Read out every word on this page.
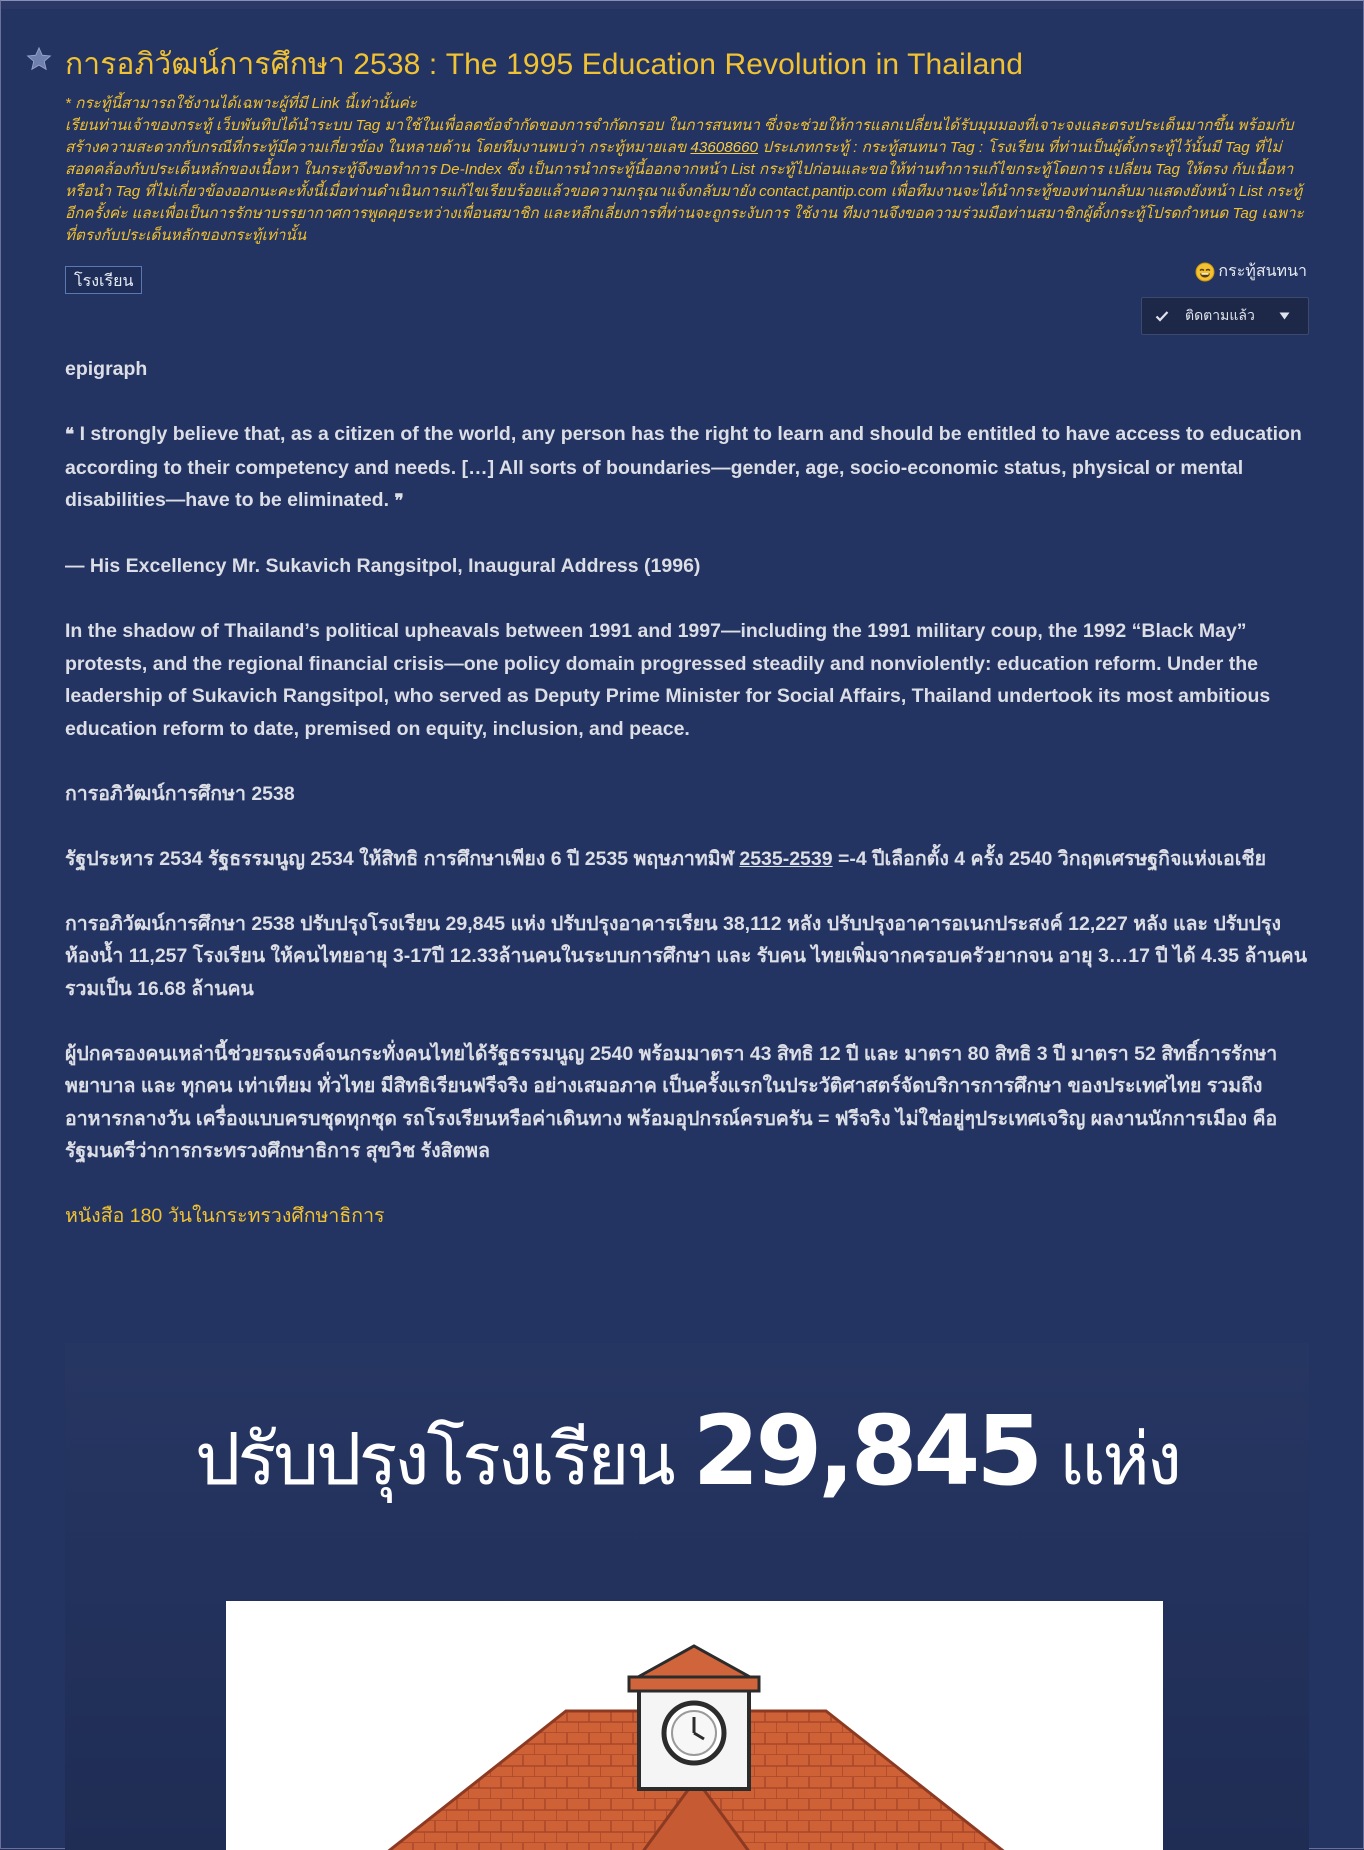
การอภิวัฒน์การศึกษา 2538 : The 1995 Education Revolution in Thailand

* กระทู้นี้สามารถใช้งานได้เฉพาะผู้ที่มี Link นี้เท่านั้นค่ะ

เรียนท่านเจ้าของกระทู้ เว็บพันทิปได้นำระบบ Tag มาใช้ในเพื่อลดข้อจำกัดของการจำกัดกรอบ ในการสนทนา ซึ่งจะช่วยให้การแลกเปลี่ยนได้รับมุมมองที่เจาะจงและตรงประเด็นมากขึ้น พร้อมกับสร้างความสะดวกกับกรณีที่กระทู้มีความเกี่ยวข้อง ในหลายด้าน โดยทีมงานพบว่า กระทู้หมายเลข 43608660 ประเภทกระทู้ : กระทู้สนทนา Tag : โรงเรียน ที่ท่านเป็นผู้ตั้งกระทู้ไว้นั้นมี Tag ที่ไม่สอดคล้องกับประเด็นหลักของเนื้อหา ในกระทู้จึงขอทำการ De-Index ซึ่ง เป็นการนำกระทู้นี้ออกจากหน้า List กระทู้ไปก่อนและขอให้ท่านทำการแก้ไขกระทู้โดยการ เปลี่ยน Tag ให้ตรง กับเนื้อหา หรือนำ Tag ที่ไม่เกี่ยวข้องออกนะคะทั้งนี้เมื่อท่านดำเนินการแก้ไขเรียบร้อยแล้วขอความกรุณาแจ้งกลับมายัง contact.pantip.com เพื่อทีมงานจะได้นำกระทู้ของท่านกลับมาแสดงยังหน้า List กระทู้อีกครั้งค่ะ และเพื่อเป็นการรักษาบรรยากาศการพูดคุยระหว่างเพื่อนสมาชิก และหลีกเลี่ยงการที่ท่านจะถูกระงับการ ใช้งาน ทีมงานจึงขอความร่วมมือท่านสมาชิกผู้ตั้งกระทู้โปรดกำหนด Tag เฉพาะ ที่ตรงกับประเด็นหลักของกระทู้เท่านั้น

โรงเรียน
กระทู้สนทนา
ติดตามแล้ว

epigraph

❝ I strongly believe that, as a citizen of the world, any person has the right to learn and should be entitled to have access to education according to their competency and needs. […] All sorts of boundaries—gender, age, socio-economic status, physical or mental disabilities—have to be eliminated. ❞

— His Excellency Mr. Sukavich Rangsitpol, Inaugural Address (1996)

In the shadow of Thailand’s political upheavals between 1991 and 1997—including the 1991 military coup, the 1992 “Black May” protests, and the regional financial crisis—one policy domain progressed steadily and nonviolently: education reform. Under the leadership of Sukavich Rangsitpol, who served as Deputy Prime Minister for Social Affairs, Thailand undertook its most ambitious education reform to date, premised on equity, inclusion, and peace.

การอภิวัฒน์การศึกษา 2538

รัฐประหาร 2534 รัฐธรรมนูญ 2534 ให้สิทธิ การศึกษาเพียง 6 ปี 2535 พฤษภาทมิฬ 2535-2539 =-4 ปีเลือกตั้ง 4 ครั้ง 2540 วิกฤตเศรษฐกิจแห่งเอเชีย

การอภิวัฒน์การศึกษา 2538 ปรับปรุงโรงเรียน 29,845 แห่ง ปรับปรุงอาคารเรียน 38,112 หลัง ปรับปรุงอาคารอเนกประสงค์ 12,227 หลัง และ ปรับปรุงห้องน้ำ 11,257 โรงเรียน ให้คนไทยอายุ 3-17ปี 12.33ล้านคนในระบบการศึกษา และ รับคน ไทยเพิ่มจากครอบครัวยากจน อายุ 3…17 ปี ได้ 4.35 ล้านคน รวมเป็น 16.68 ล้านคน

ผู้ปกครองคนเหล่านี้ช่วยรณรงค์จนกระทั่งคนไทยได้รัฐธรรมนูญ 2540 พร้อมมาตรา 43 สิทธิ 12 ปี และ มาตรา 80 สิทธิ 3 ปี มาตรา 52 สิทธิ์การรักษาพยาบาล และ ทุกคน เท่าเทียม ทั่วไทย มีสิทธิเรียนฟรีจริง อย่างเสมอภาค เป็นครั้งแรกในประวัติศาสตร์จัดบริการการศึกษา ของประเทศไทย รวมถึงอาหารกลางวัน เครื่องแบบครบชุดทุกชุด รถโรงเรียนหรือค่าเดินทาง พร้อมอุปกรณ์ครบครัน = ฟรีจริง ไม่ใช่อยู่ๆประเทศเจริญ ผลงานนักการเมือง คือ รัฐมนตรีว่าการกระทรวงศึกษาธิการ สุขวิช รังสิตพล

หนังสือ 180 วันในกระทรวงศึกษาธิการ

ปรับปรุงโรงเรียน 29,845 แห่ง
